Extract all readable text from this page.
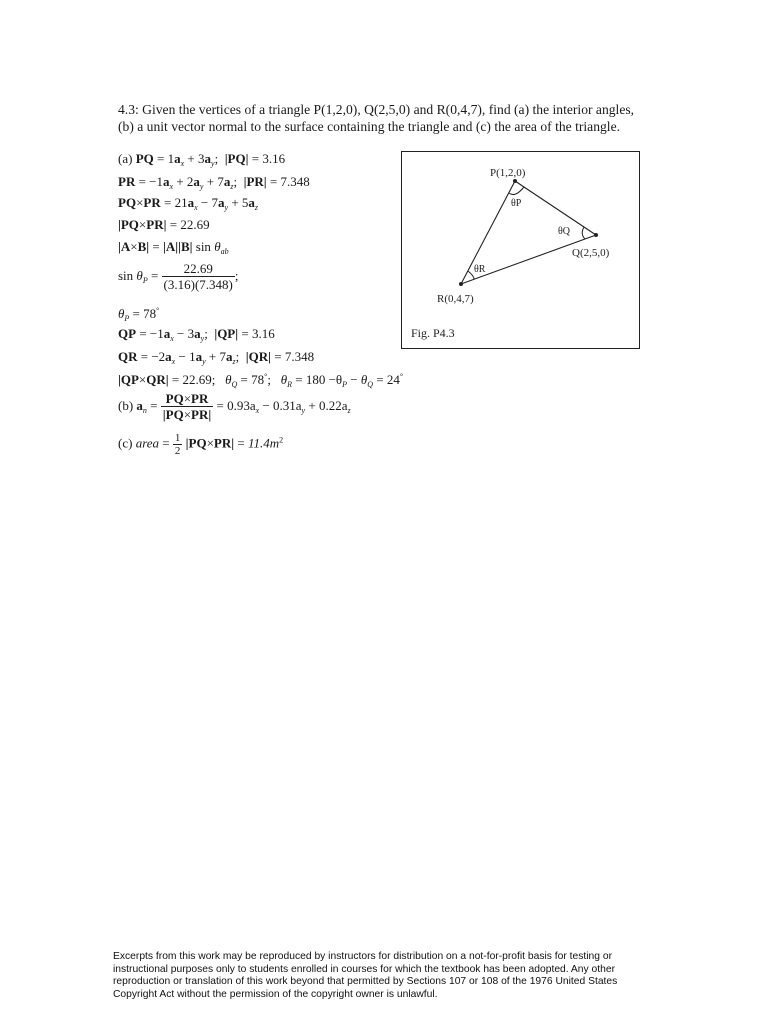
4.3: Given the vertices of a triangle P(1,2,0), Q(2,5,0) and R(0,4,7), find (a) the interior angles,
(b) a unit vector normal to the surface containing the triangle and (c) the area of the triangle.
(a) PQ = $1a_x + 3a_y$;  |PQ| = 3.16
PR = $-1a_x + 2a_y + 7a_z$;  |PR| = 7.348
$PQ\times PR = 21a_x - 7a_y + 5a_z$
|PQ×PR| = 22.69
|A×B| = |A||B| $\sin \theta_{ab}$
$\sin \theta_P = \frac{22.69}{(3.16)(7.348)}$ ;
$\theta_P = 78^\circ$
QP = $-1a_x - 3a_y$;  |QP| = 3.16
QR = $-2a_x - 1a_y + 7a_z$;  |QR| = 7.348
|QP×QR| = 22.69;   $\theta_Q = 78^\circ$;   $\theta_R = 180 -\theta_P - \theta_Q = 24^\circ$
(b) $a_n = \frac{PQ\times PR}{|PQ\times PR|} = 0.93a_x - 0.31a_y + 0.22a_z$
(c) area = $\frac{1}{2} |PQ\times PR| = 11.4m^2$
P(1,2,0)
Q(2,5,0)
R(0,4,7)
θP
θQ
θR
Fig. P4.3
Excerpts from this work may be reproduced by instructors for distribution on a not-for-profit basis for testing or instructional purposes only to students enrolled in courses for which the textbook has been adopted. Any other reproduction or translation of this work beyond that permitted by Sections 107 or 108 of the 1976 United States Copyright Act without the permission of the copyright owner is unlawful.
